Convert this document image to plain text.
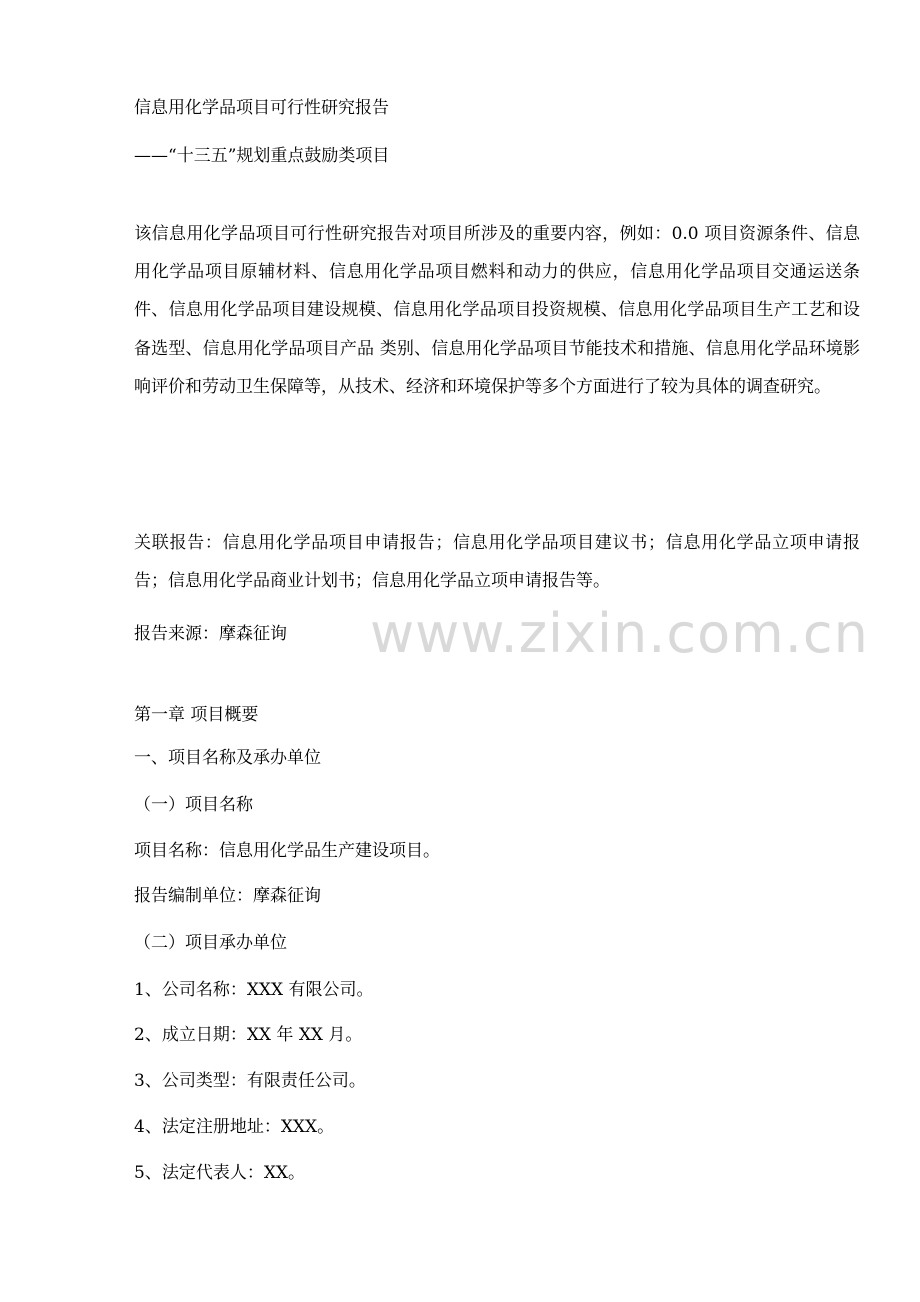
信息用化学品项目可行性研究报告

——“十三五”规划重点鼓励类项目

该信息用化学品项目可行性研究报告对项目所涉及的重要内容，例如：0.0 项目资源条件、信息用化学品项目原辅材料、信息用化学品项目燃料和动力的供应，信息用化学品项目交通运送条件、信息用化学品项目建设规模、信息用化学品项目投资规模、信息用化学品项目生产工艺和设备选型、信息用化学品项目产品 类别、信息用化学品项目节能技术和措施、信息用化学品环境影响评价和劳动卫生保障等，从技术、经济和环境保护等多个方面进行了较为具体的调查研究。

关联报告：信息用化学品项目申请报告；信息用化学品项目建议书；信息用化学品立项申请报告；信息用化学品商业计划书；信息用化学品立项申请报告等。

报告来源：摩森征询 www.zixin.com.cn

第一章 项目概要

一、项目名称及承办单位

（一）项目名称

项目名称：信息用化学品生产建设项目。

报告编制单位：摩森征询

（二）项目承办单位

1、公司名称：XXX 有限公司。

2、成立日期：XX 年 XX 月。

3、公司类型：有限责任公司。

4、法定注册地址：XXX。

5、法定代表人：XX。
